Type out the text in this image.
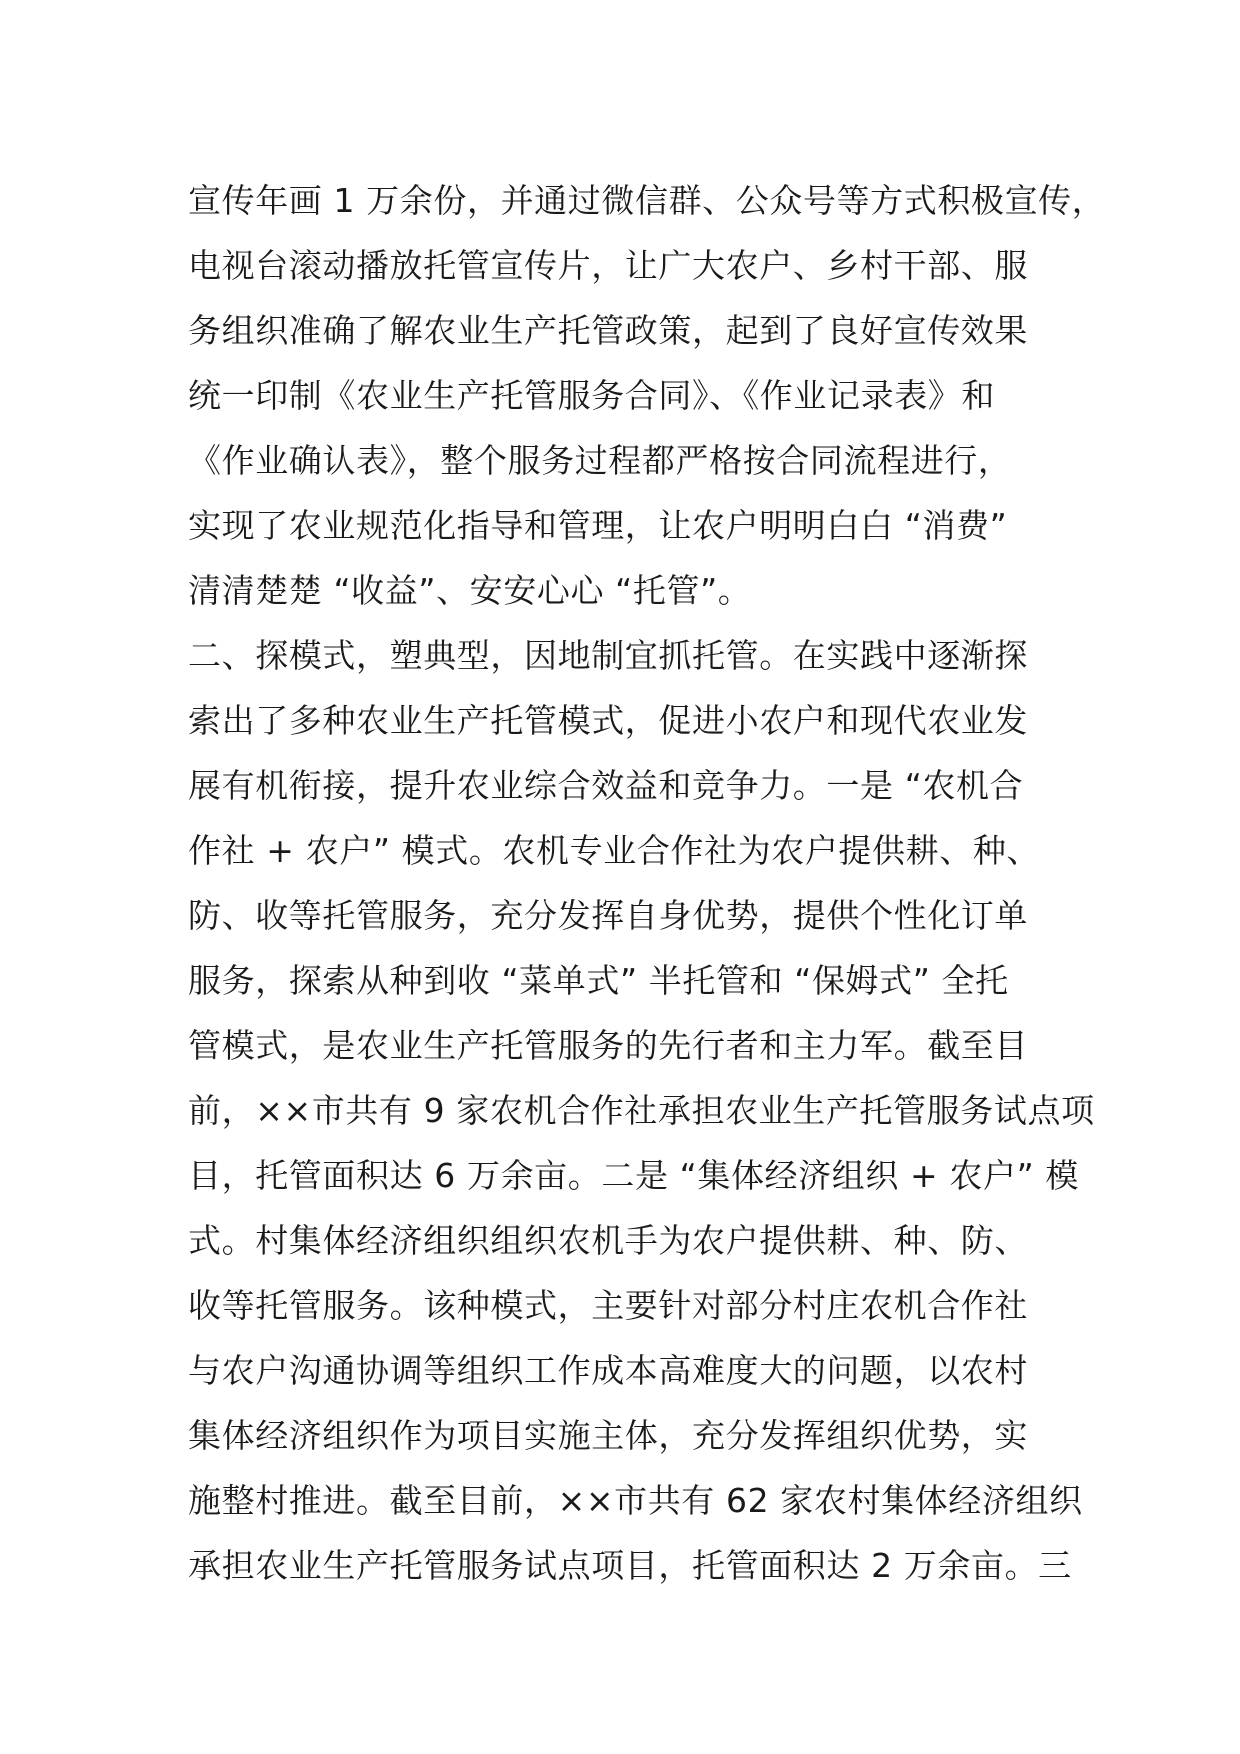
宣传年画 1 万余份，并通过微信群、公众号等方式积极宣传，
电视台滚动播放托管宣传片，让广大农户、乡村干部、服
务组织准确了解农业生产托管政策，起到了良好宣传效果
统一印制《农业生产托管服务合同》、《作业记录表》和
《作业确认表》，整个服务过程都严格按合同流程进行，
实现了农业规范化指导和管理，让农户明明白白 “消费”
清清楚楚 “收益”、安安心心 “托管”。
二、探模式，塑典型，因地制宜抓托管。在实践中逐渐探
索出了多种农业生产托管模式，促进小农户和现代农业发
展有机衔接，提升农业综合效益和竞争力。一是 “农机合
作社 + 农户” 模式。农机专业合作社为农户提供耕、种、
防、收等托管服务，充分发挥自身优势，提供个性化订单
服务，探索从种到收 “菜单式” 半托管和 “保姆式” 全托
管模式，是农业生产托管服务的先行者和主力军。截至目
前，××市共有 9 家农机合作社承担农业生产托管服务试点项
目，托管面积达 6 万余亩。二是 “集体经济组织 + 农户” 模
式。村集体经济组织组织农机手为农户提供耕、种、防、
收等托管服务。该种模式，主要针对部分村庄农机合作社
与农户沟通协调等组织工作成本高难度大的问题，以农村
集体经济组织作为项目实施主体，充分发挥组织优势，实
施整村推进。截至目前，××市共有 62 家农村集体经济组织
承担农业生产托管服务试点项目，托管面积达 2 万余亩。三
